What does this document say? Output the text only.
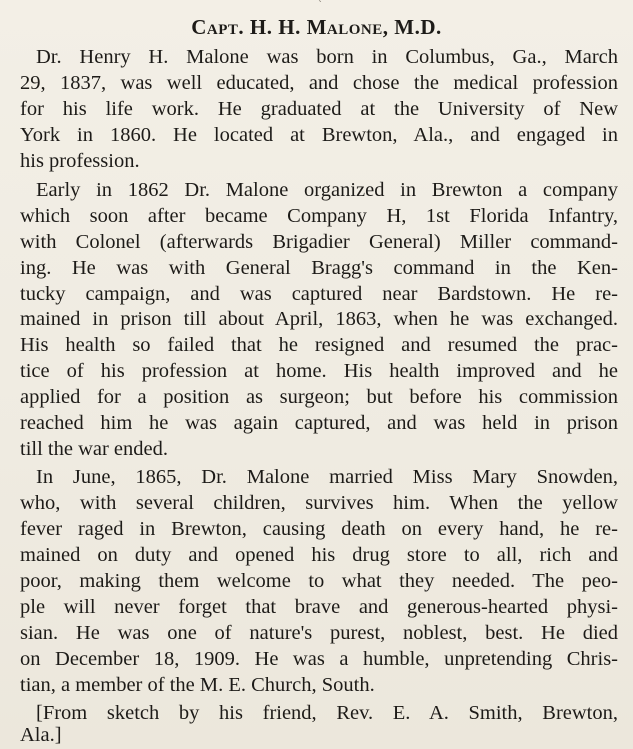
`
Capt. H. H. Malone, M.D.
Dr. Henry H. Malone was born in Columbus, Ga., March
29, 1837, was well educated, and chose the medical profession
for his life work. He graduated at the University of New
York in 1860. He located at Brewton, Ala., and engaged in
his profession.
Early in 1862 Dr. Malone organized in Brewton a company
which soon after became Company H, 1st Florida Infantry,
with Colonel (afterwards Brigadier General) Miller command-
ing. He was with General Bragg's command in the Ken-
tucky campaign, and was captured near Bardstown. He re-
mained in prison till about April, 1863, when he was exchanged.
His health so failed that he resigned and resumed the prac-
tice of his profession at home. His health improved and he
applied for a position as surgeon; but before his commission
reached him he was again captured, and was held in prison
till the war ended.
In June, 1865, Dr. Malone married Miss Mary Snowden,
who, with several children, survives him. When the yellow
fever raged in Brewton, causing death on every hand, he re-
mained on duty and opened his drug store to all, rich and
poor, making them welcome to what they needed. The peo-
ple will never forget that brave and generous-hearted physi-
sian. He was one of nature's purest, noblest, best. He died
on December 18, 1909. He was a humble, unpretending Chris-
tian, a member of the M. E. Church, South.
[From sketch by his friend, Rev. E. A. Smith, Brewton,
Ala.]
